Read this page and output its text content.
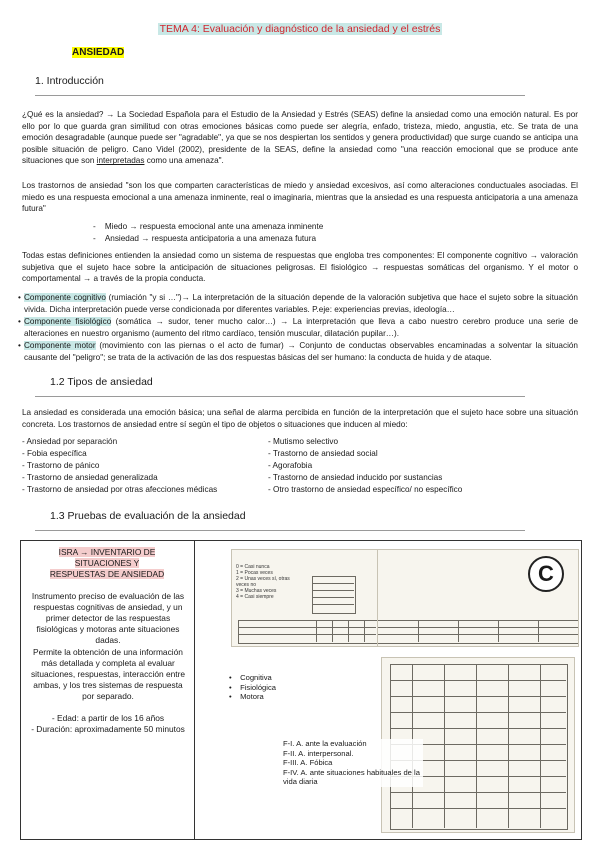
TEMA 4: Evaluación y diagnóstico de la ansiedad y el estrés
ANSIEDAD
1. Introducción
¿Qué es la ansiedad? → La Sociedad Española para el Estudio de la Ansiedad y Estrés (SEAS) define la ansiedad como una emoción natural. Es por ello por lo que guarda gran similitud con otras emociones básicas como puede ser alegría, enfado, tristeza, miedo, angustia, etc. Se trata de una emoción desagradable (aunque puede ser "agradable", ya que se nos despiertan los sentidos y genera productividad) que surge cuando se anticipa una posible situación de peligro. Cano Videl (2002), presidente de la SEAS, define la ansiedad como "una reacción emocional que se produce ante situaciones que son interpretadas como una amenaza".
Los trastornos de ansiedad "son los que comparten características de miedo y ansiedad excesivos, así como alteraciones conductuales asociadas. El miedo es una respuesta emocional a una amenaza inminente, real o imaginaria, mientras que la ansiedad es una respuesta anticipatoria a una amenaza futura"
-    Miedo → respuesta emocional ante una amenaza inminente
-    Ansiedad → respuesta anticipatoria a una amenaza futura
Todas estas definiciones entienden la ansiedad como un sistema de respuestas que engloba tres componentes: El componente cognitivo → valoración subjetiva que el sujeto hace sobre la anticipación de situaciones peligrosas. El fisiológico → respuestas somáticas del organismo. Y el motor o comportamental → a través de la propia conducta.
• Componente cognitivo (rumiación "y si …")→ La interpretación de la situación depende de la valoración subjetiva que hace el sujeto sobre la situación vivida. Dicha interpretación puede verse condicionada por diferentes variables. P.eje: experiencias previas, ideología…
• Componente fisiológico (somática → sudor, tener mucho calor…) → La interpretación que lleva a cabo nuestro cerebro produce una serie de alteraciones en nuestro organismo (aumento del ritmo cardíaco, tensión muscular, dilatación pupilar…).
• Componente motor (movimiento con las piernas o el acto de fumar) → Conjunto de conductas observables encaminadas a solventar la situación causante del "peligro"; se trata de la activación de las dos respuestas básicas del ser humano: la conducta de huida y de ataque.
1.2 Tipos de ansiedad
La ansiedad es considerada una emoción básica; una señal de alarma percibida en función de la interpretación que el sujeto hace sobre una situación concreta. Los trastornos de ansiedad entre sí según el tipo de objetos o situaciones que inducen al miedo:
- Ansiedad por separación
- Fobia específica
- Trastorno de pánico
- Trastorno de ansiedad generalizada
- Trastorno de ansiedad por otras afecciones médicas
- Mutismo selectivo
- Trastorno de ansiedad social
- Agorafobia
- Trastorno de ansiedad inducido por sustancias
- Otro trastorno de ansiedad específico/ no específico
1.3 Pruebas de evaluación de la ansiedad
ISRA → INVENTARIO DE SITUACIONES Y RESPUESTAS DE ANSIEDAD
Instrumento preciso de evaluación de las respuestas cognitivas de ansiedad, y un primer detector de las respuestas fisiológicas y motoras ante situaciones dadas.
Permite la obtención de una información más detallada y completa al evaluar situaciones, respuestas, interacción entre ambas, y los tres sistemas de respuesta por separado.
- Edad: a partir de los 16 años
- Duración: aproximadamente 50 minutos
0 = Casi nunca
1 = Pocas veces
2 = Unas veces sí, otras veces no
3 = Muchas veces
4 = Casi siempre
C
•    Cognitiva
•    Fisiológica
•    Motora
F-I. A. ante la evaluación
F-II. A. interpersonal.
F-III. A. Fóbica
F-IV. A. ante situaciones habituales de la vida diaria
